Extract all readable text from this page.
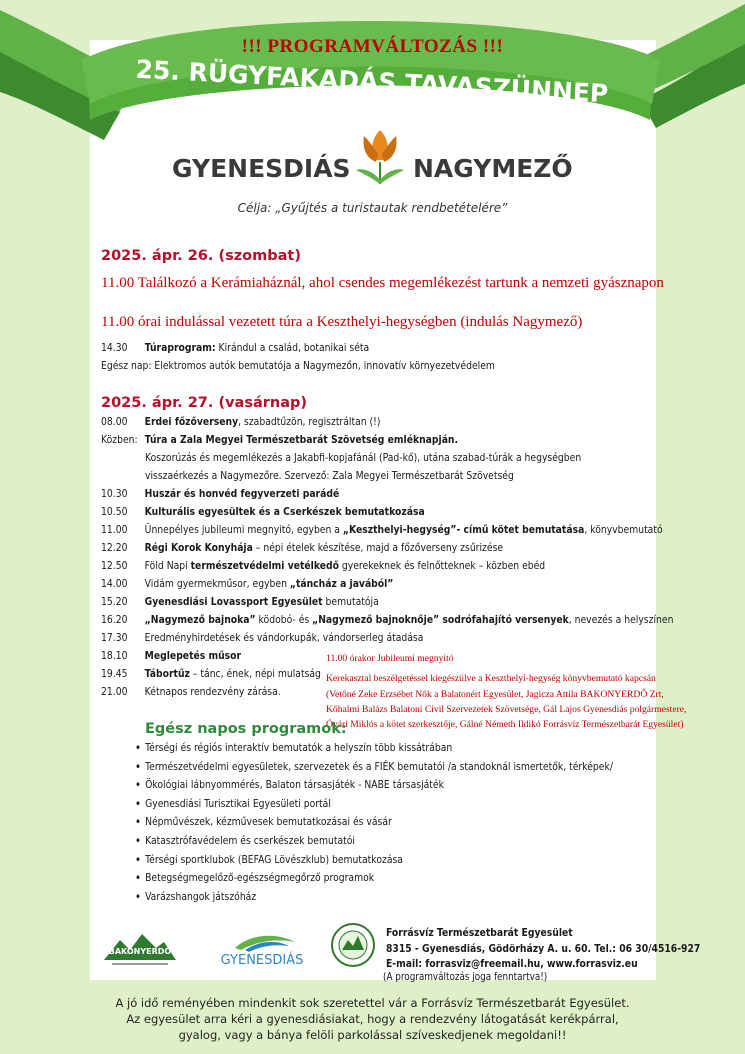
25. RÜGYFAKADÁS TAVASZÜNNEP
!!! PROGRAMVÁLTOZÁS !!!
GYENESDIÁS NAGYMEZŐ
Célja: „Gyűjtés a turistautak rendbetételére”
2025. ápr. 26. (szombat)
11.00 Találkozó a Kerámiaháznál, ahol csendes megemlékezést tartunk a nemzeti gyásznapon
11.00 órai indulással vezetett túra a Keszthelyi-hegységben (indulás Nagymező)
14.30 Túraprogram: Kirándul a család, botanikai séta
Egész nap: Elektromos autók bemutatója a Nagymezőn, innovatív környezetvédelem
2025. ápr. 27. (vasárnap)
08.00 Erdei főzőverseny, szabadtűzön, regisztráltan (!)
Közben: Túra a Zala Megyei Természetbarát Szövetség emléknapján.
Koszorúzás és megemlékezés a Jakabfi-kopjafánál (Pad-kő), utána szabad-túrák a hegységben
visszaérkezés a Nagymezőre. Szervező: Zala Megyei Természetbarát Szövetség
10.30 Huszár és honvéd fegyverzeti parádé
10.50 Kulturális egyesültek és a Cserkészek bemutatkozása
11.00 Ünnepélyes jubileumi megnyitó, egyben a „Keszthelyi-hegység”- című kötet bemutatása, könyvbemutató
12.20 Régi Korok Konyhája – népi ételek készítése, majd a főzőverseny zsűrizése
12.50 Föld Napi természetvédelmi vetélkedő gyerekeknek és felnőtteknek – közben ebéd
14.00 Vidám gyermekműsor, egyben „táncház a javából”
15.20 Gyenesdiási Lovassport Egyesület bemutatója
16.20 „Nagymező bajnoka” ködobó- és „Nagymező bajnoknője” sodrófahajító versenyek, nevezés a helyszínen
17.30 Eredményhirdetések és vándorkupák, vándorserleg átadása
18.10 Meglepetés műsor
19.45 Tábortűz – tánc, ének, népi mulatság
21.00 Kétnapos rendezvény zárása.
11.00 órakor Jubileumi megnyitó
Kerekasztal beszélgetéssel kiegészülve a Keszthelyi-hegység könyvbemutató kapcsán
(Vetőné Zeke Erzsébet Nők a Balatonért Egyesület, Jagicza Attila BAKONYERDŐ Zrt,
Kőhalmi Balázs Balatoni Civil Szervezetek Szövetsége, Gál Lajos Gyenesdiás polgármestere,
Óvári Miklós a kötet szerkesztője, Gálné Németh Ildikó Forrásvíz Természetbarát Egyesület)
Egész napos programok:
• Térségi és régiós interaktív bemutatók a helyszín több kissátrában
• Természetvédelmi egyesületek, szervezetek és a FIÉK bemutatói /a standoknál ismertetők, térképek/
• Ökológiai lábnyommérés, Balaton társasjáték - NABE társasjáték
• Gyenesdiási Turisztikai Egyesületi portál
• Népművészek, kézművesek bemutatkozásai és vásár
• Katasztrófavédelem és cserkészek bemutatói
• Térségi sportklubok (BEFAG Lövészklub) bemutatkozása
• Betegségmegelőző-egészségmegőrző programok
• Varázshangok játszóház
BAKONYERDŐ
GYENESDIÁS
Forrásvíz Természetbarát Egyesület
8315 - Gyenesdiás, Gödörházy A. u. 60. Tel.: 06 30/4516-927
E-mail: forrasviz@freemail.hu, www.forrasviz.eu
(A programváltozás joga fenntartva!)
A jó idő reményében mindenkit sok szeretettel vár a Forrásvíz Természetbarát Egyesület.
Az egyesület arra kéri a gyenesdiásiakat, hogy a rendezvény látogatását kerékpárral,
gyalog, vagy a bánya felöli parkolással szíveskedjenek megoldani!!
